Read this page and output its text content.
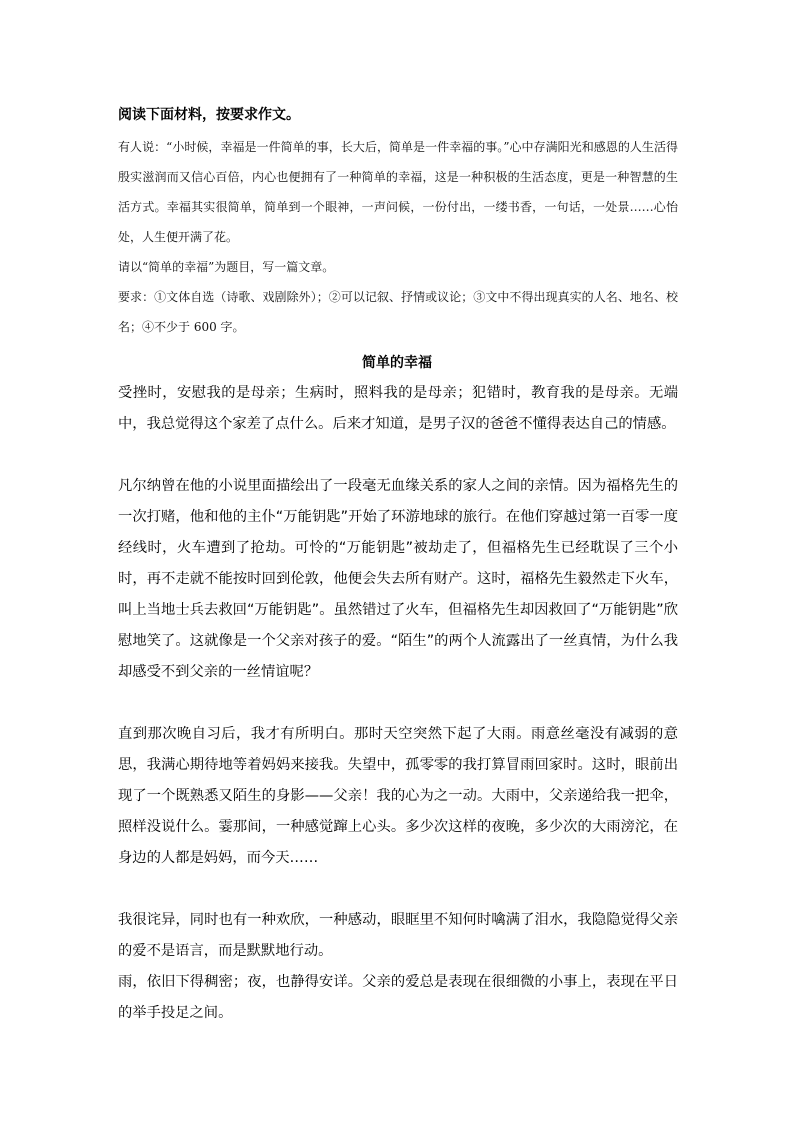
阅读下面材料，按要求作文。

有人说：“小时候，幸福是一件简单的事，长大后，简单是一件幸福的事。”心中存满阳光和感恩的人生活得殷实滋润而又信心百倍，内心也便拥有了一种简单的幸福，这是一种积极的生活态度，更是一种智慧的生活方式。幸福其实很简单，简单到一个眼神，一声问候，一份付出，一缕书香，一句话，一处景……心怡处，人生便开满了花。

请以“简单的幸福”为题目，写一篇文章。

要求：①文体自选（诗歌、戏剧除外）；②可以记叙、抒情或议论；③文中不得出现真实的人名、地名、校名；④不少于 600 字。

简单的幸福

受挫时，安慰我的是母亲；生病时，照料我的是母亲；犯错时，教育我的是母亲。无端中，我总觉得这个家差了点什么。后来才知道，是男子汉的爸爸不懂得表达自己的情感。

凡尔纳曾在他的小说里面描绘出了一段毫无血缘关系的家人之间的亲情。因为福格先生的一次打赌，他和他的主仆“万能钥匙”开始了环游地球的旅行。在他们穿越过第一百零一度经线时，火车遭到了抢劫。可怜的“万能钥匙”被劫走了，但福格先生已经耽误了三个小时，再不走就不能按时回到伦敦，他便会失去所有财产。这时，福格先生毅然走下火车，叫上当地士兵去救回“万能钥匙”。虽然错过了火车，但福格先生却因救回了“万能钥匙”欣慰地笑了。这就像是一个父亲对孩子的爱。“陌生”的两个人流露出了一丝真情，为什么我却感受不到父亲的一丝情谊呢？

直到那次晚自习后，我才有所明白。那时天空突然下起了大雨。雨意丝毫没有减弱的意思，我满心期待地等着妈妈来接我。失望中，孤零零的我打算冒雨回家时。这时，眼前出现了一个既熟悉又陌生的身影——父亲！我的心为之一动。大雨中，父亲递给我一把伞，照样没说什么。霎那间，一种感觉蹿上心头。多少次这样的夜晚，多少次的大雨滂沱，在身边的人都是妈妈，而今天……

我很诧异，同时也有一种欢欣，一种感动，眼眶里不知何时噙满了泪水，我隐隐觉得父亲的爱不是语言，而是默默地行动。

雨，依旧下得稠密；夜，也静得安详。父亲的爱总是表现在很细微的小事上，表现在平日的举手投足之间。
